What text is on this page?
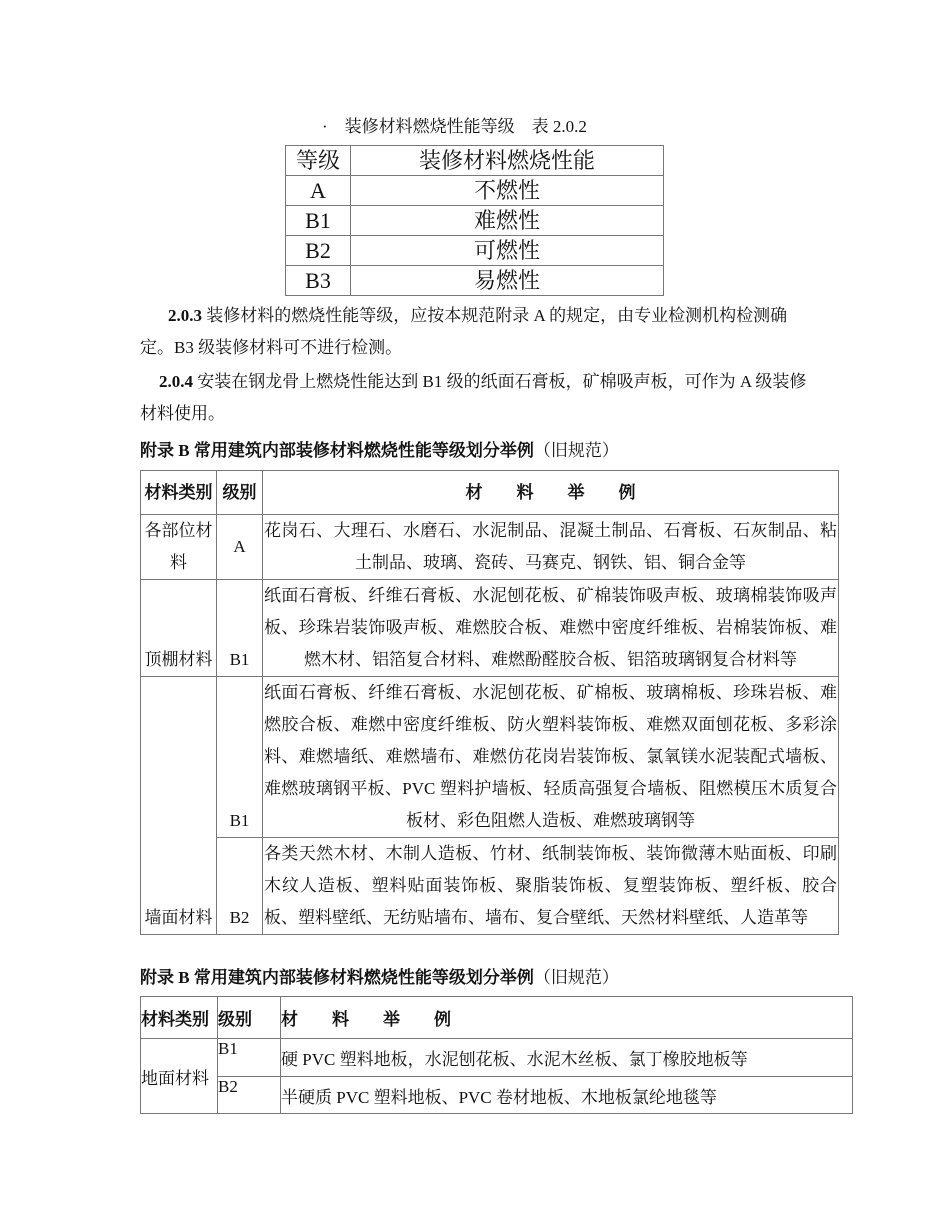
·    装修材料燃烧性能等级    表 2.0.2
等级	装修材料燃烧性能
A	不燃性
B1	难燃性
B2	可燃性
B3	易燃性
2.0.3 装修材料的燃烧性能等级，应按本规范附录 A 的规定，由专业检测机构检测确定。B3 级装修材料可不进行检测。
2.0.4 安装在钢龙骨上燃烧性能达到 B1 级的纸面石膏板，矿棉吸声板，可作为 A 级装修材料使用。
附录 B 常用建筑内部装修材料燃烧性能等级划分举例（旧规范）
材料类别	级别	材　　料　　举　　例
各部位材料	A	花岗石、大理石、水磨石、水泥制品、混凝土制品、石膏板、石灰制品、粘土制品、玻璃、瓷砖、马赛克、钢铁、铝、铜合金等
顶棚材料	B1	纸面石膏板、纤维石膏板、水泥刨花板、矿棉装饰吸声板、玻璃棉装饰吸声板、珍珠岩装饰吸声板、难燃胶合板、难燃中密度纤维板、岩棉装饰板、难燃木材、铝箔复合材料、难燃酚醛胶合板、铝箔玻璃钢复合材料等
墙面材料	B1	纸面石膏板、纤维石膏板、水泥刨花板、矿棉板、玻璃棉板、珍珠岩板、难燃胶合板、难燃中密度纤维板、防火塑料装饰板、难燃双面刨花板、多彩涂料、难燃墙纸、难燃墙布、难燃仿花岗岩装饰板、氯氧镁水泥装配式墙板、难燃玻璃钢平板、PVC 塑料护墙板、轻质高强复合墙板、阻燃模压木质复合板材、彩色阻燃人造板、难燃玻璃钢等
	B2	各类天然木材、木制人造板、竹材、纸制装饰板、装饰微薄木贴面板、印刷木纹人造板、塑料贴面装饰板、聚脂装饰板、复塑装饰板、塑纤板、胶合板、塑料壁纸、无纺贴墙布、墙布、复合壁纸、天然材料壁纸、人造革等
附录 B 常用建筑内部装修材料燃烧性能等级划分举例（旧规范）
材料类别	级别	材　　料　　举　　例
地面材料	B1	硬 PVC 塑料地板，水泥刨花板、水泥木丝板、氯丁橡胶地板等
	B2	半硬质 PVC 塑料地板、PVC 卷材地板、木地板氯纶地毯等
